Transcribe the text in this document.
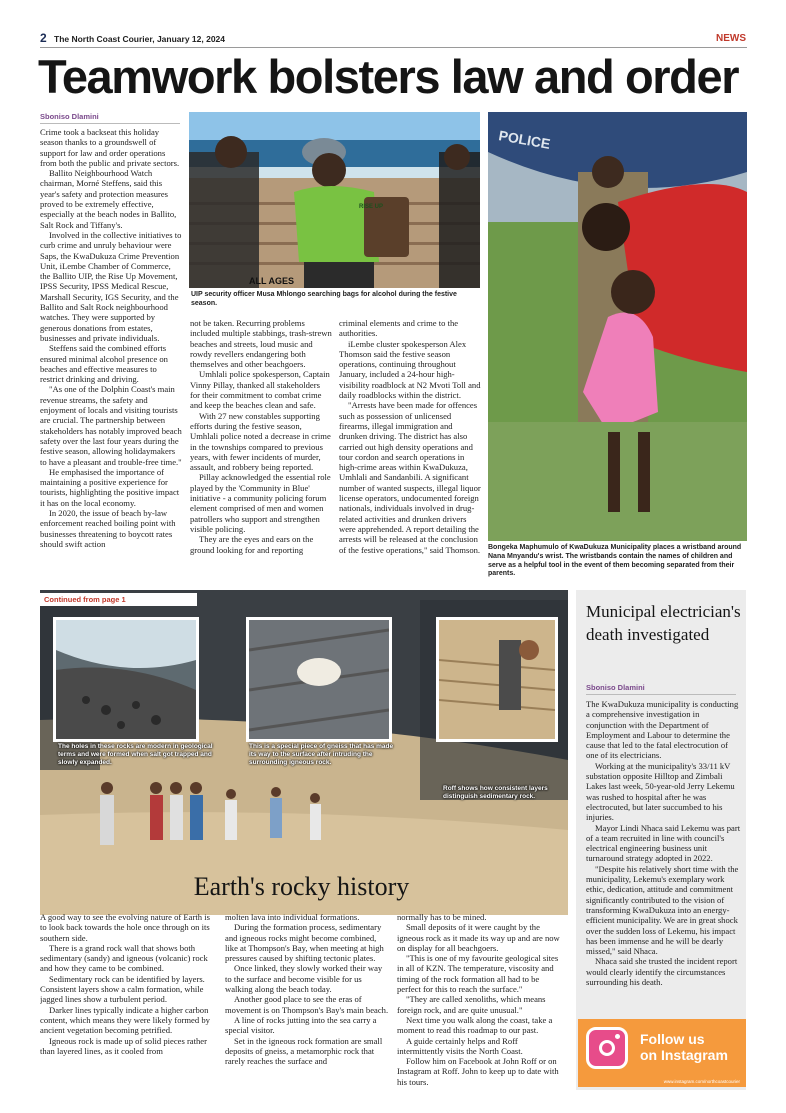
2 The North Coast Courier, January 12, 2024	NEWS
Teamwork bolsters law and order
Sboniso Dlamini

Crime took a backseat this holiday season thanks to a groundswell of support for law and order operations from both the public and private sectors.

Ballito Neighbourhood Watch chairman, Morné Steffens, said this year's safety and protection measures proved to be extremely effective, especially at the beach nodes in Ballito, Salt Rock and Tiffany's.

Involved in the collective initiatives to curb crime and unruly behaviour were Saps, the KwaDukuza Crime Prevention Unit, iLembe Chamber of Commerce, the Ballito UIP, the Rise Up Movement, IPSS Security, IPSS Medical Rescue, Marshall Security, IGS Security, and the Ballito and Salt Rock neighbourhood watches. They were supported by generous donations from estates, businesses and private individuals.

Steffens said the combined efforts ensured minimal alcohol presence on beaches and effective measures to restrict drinking and driving.

"As one of the Dolphin Coast's main revenue streams, the safety and enjoyment of locals and visiting tourists are crucial. The partnership between stakeholders has notably improved beach safety over the last four years during the festive season, allowing holidaymakers to have a pleasant and trouble-free time."

He emphasised the importance of maintaining a positive experience for tourists, highlighting the positive impact it has on the local economy.

In 2020, the issue of beach by-law enforcement reached boiling point with businesses threatening to boycott rates should swift action

not be taken. Recurring problems included multiple stabbings, trash-strewn beaches and streets, loud music and rowdy revellers endangering both themselves and other beachgoers.

Umhlali police spokesperson, Captain Vinny Pillay, thanked all stakeholders for their commitment to combat crime and keep the beaches clean and safe.

With 27 new constables supporting efforts during the festive season, Umhlali police noted a decrease in crime in the townships compared to previous years, with fewer incidents of murder, assault, and robbery being reported.

Pillay acknowledged the essential role played by the 'Community in Blue' initiative - a community policing forum element comprised of men and women patrollers who support and strengthen visible policing.

They are the eyes and ears on the ground looking for and reporting

criminal elements and crime to the authorities.

iLembe cluster spokesperson Alex Thomson said the festive season operations, continuing throughout January, included a 24-hour high-visibility roadblock at N2 Mvoti Toll and daily roadblocks within the district.

"Arrests have been made for offences such as possession of unlicensed firearms, illegal immigration and drunken driving. The district has also carried out high density operations and tour cordon and search operations in high-crime areas within KwaDukuza, Umhlali and Sandanbili. A significant number of wanted suspects, illegal liquor license operators, undocumented foreign nationals, individuals involved in drug-related activities and drunken drivers were apprehended. A report detailing the arrests will be released at the conclusion of the festive operations," said Thomson.

ALL AGES
RISE UP
UIP security officer Musa Mhlongo searching bags for alcohol during the festive season.
POLICE
Bongeka Maphumulo of KwaDukuza Municipality places a wristband around Nana Mnyandu's wrist. The wristbands contain the names of children and serve as a helpful tool in the event of them becoming separated from their parents.
Continued from page 1
The holes in these rocks are modern in geological terms and were formed when salt got trapped and slowly expanded.
This is a special piece of gneiss that has made its way to the surface after intruding the surrounding igneous rock.
Roff shows how consistent layers distinguish sedimentary rock.
Earth's rocky history

A good way to see the evolving nature of Earth is to look back towards the hole once through on its southern side.

There is a grand rock wall that shows both sedimentary (sandy) and igneous (volcanic) rock and how they came to be combined.

Sedimentary rock can be identified by layers. Consistent layers show a calm formation, while jagged lines show a turbulent period.

Darker lines typically indicate a higher carbon content, which means they were likely formed by ancient vegetation becoming petrified.

Igneous rock is made up of solid pieces rather than layered lines, as it cooled from

molten lava into individual formations.

During the formation process, sedimentary and igneous rocks might become combined, like at Thompson's Bay, when meeting at high pressures caused by shifting tectonic plates.

Once linked, they slowly worked their way to the surface and become visible for us walking along the beach today.

Another good place to see the eras of movement is on Thompson's Bay's main beach.

A line of rocks jutting into the sea carry a special visitor.

Set in the igneous rock formation are small deposits of gneiss, a metamorphic rock that rarely reaches the surface and

normally has to be mined.

Small deposits of it were caught by the igneous rock as it made its way up and are now on display for all beachgoers.

"This is one of my favourite geological sites in all of KZN. The temperature, viscosity and timing of the rock formation all had to be perfect for this to reach the surface."

"They are called xenoliths, which means foreign rock, and are quite unusual."

Next time you walk along the coast, take a moment to read this roadmap to our past.

A guide certainly helps and Roff intermittently visits the North Coast.

Follow him on Facebook at John Roff or on Instagram at Roff. John to keep up to date with his tours.

Municipal electrician's death investigated
Sboniso Dlamini

The KwaDukuza municipality is conducting a comprehensive investigation in conjunction with the Department of Employment and Labour to determine the cause that led to the fatal electrocution of one of its electricians.

Working at the municipality's 33/11 kV substation opposite Hilltop and Zimbali Lakes last week, 50-year-old Jerry Lekemu was rushed to hospital after he was electrocuted, but later succumbed to his injuries.

Mayor Lindi Nhaca said Lekemu was part of a team recruited in line with council's electrical engineering business unit turnaround strategy adopted in 2022.

"Despite his relatively short time with the municipality, Lekemu's exemplary work ethic, dedication, attitude and commitment significantly contributed to the vision of transforming KwaDukuza into an energy-efficient municipality. We are in great shock over the sudden loss of Lekemu, his impact has been immense and he will be dearly missed," said Nhaca.

Nhaca said she trusted the incident report would clearly identify the circumstances surrounding his death.

Follow us
on Instagram
www.instagram.com/northcoastcourier
